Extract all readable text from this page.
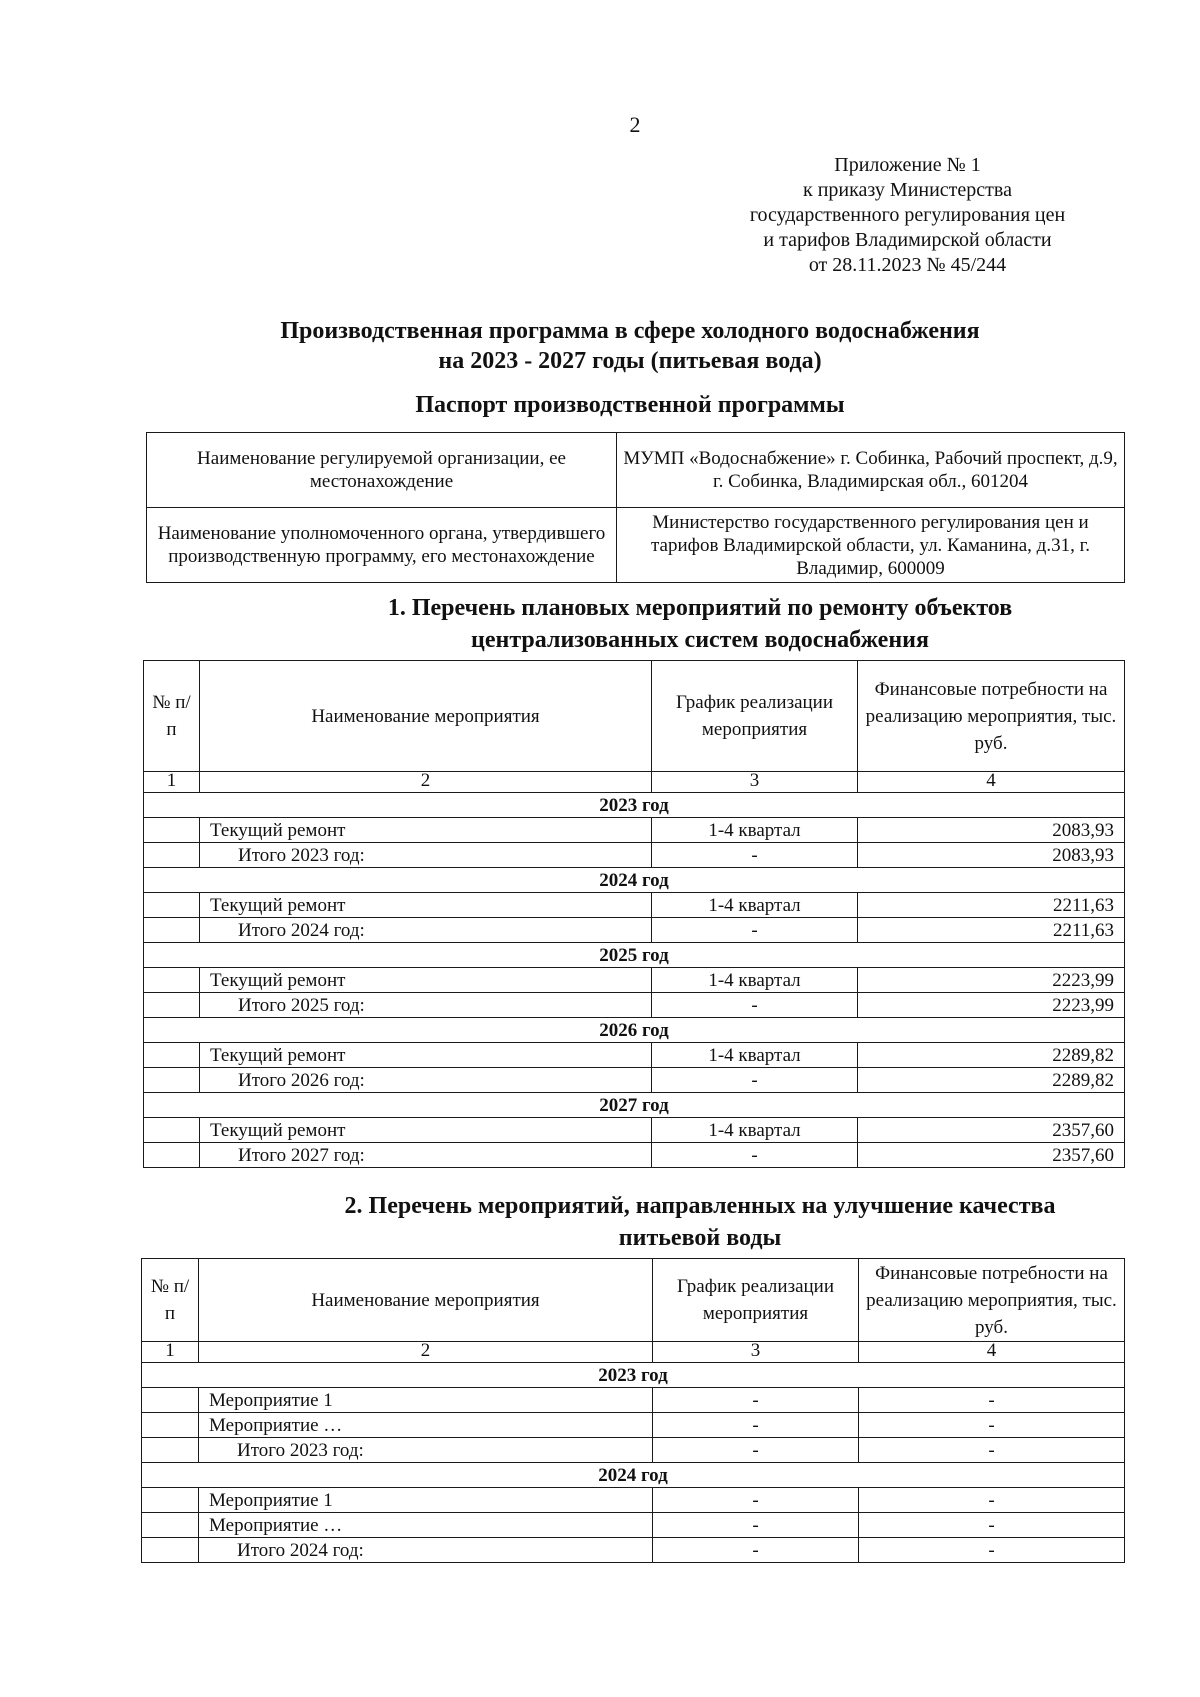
2
Приложение № 1
к приказу Министерства
государственного регулирования цен
и тарифов Владимирской области
от 28.11.2023 № 45/244
Производственная программа в сфере холодного водоснабжения
на 2023 - 2027 годы (питьевая вода)
Паспорт производственной программы
Наименование регулируемой организации, ее местонахождение	МУМП «Водоснабжение» г. Собинка, Рабочий проспект, д.9, г. Собинка, Владимирская обл., 601204
Наименование уполномоченного органа, утвердившего производственную программу, его местонахождение	Министерство государственного регулирования цен и тарифов Владимирской области, ул. Каманина, д.31, г. Владимир, 600009
1. Перечень плановых мероприятий по ремонту объектов
централизованных систем водоснабжения
№ п/п	Наименование мероприятия	График реализации мероприятия	Финансовые потребности на реализацию мероприятия, тыс. руб.
1	2	3	4
2023 год			
	Текущий ремонт	1-4 квартал	2083,93
	Итого 2023 год:	-	2083,93
2024 год			
	Текущий ремонт	1-4 квартал	2211,63
	Итого 2024 год:	-	2211,63
2025 год			
	Текущий ремонт	1-4 квартал	2223,99
	Итого 2025 год:	-	2223,99
2026 год			
	Текущий ремонт	1-4 квартал	2289,82
	Итого 2026 год:	-	2289,82
2027 год			
	Текущий ремонт	1-4 квартал	2357,60
	Итого 2027 год:	-	2357,60
2. Перечень мероприятий, направленных на улучшение качества
питьевой воды
№ п/п	Наименование мероприятия	График реализации мероприятия	Финансовые потребности на реализацию мероприятия, тыс. руб.
1	2	3	4
2023 год			
	Мероприятие 1	-	-
	Мероприятие …	-	-
	Итого 2023 год:	-	-
2024 год			
	Мероприятие 1	-	-
	Мероприятие …	-	-
	Итого 2024 год:	-	-
